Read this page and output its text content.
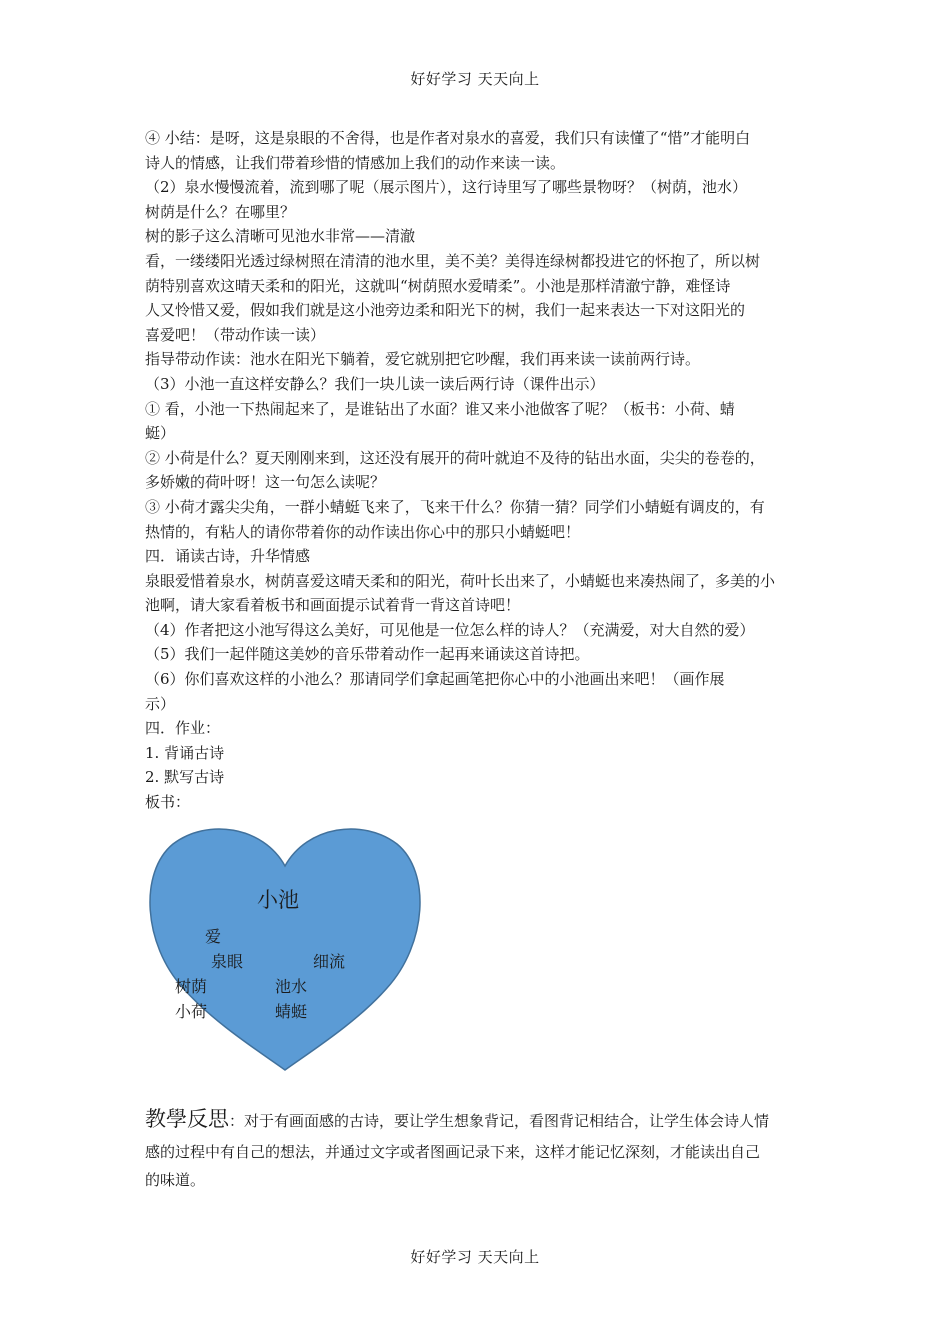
好好学习 天天向上

④ 小结：是呀，这是泉眼的不舍得，也是作者对泉水的喜爱，我们只有读懂了“惜”才能明白

诗人的情感，让我们带着珍惜的情感加上我们的动作来读一读。

（2）泉水慢慢流着，流到哪了呢（展示图片），这行诗里写了哪些景物呀？（树荫，池水）

树荫是什么？在哪里？

树的影子这么清晰可见池水非常——清澈

看，一缕缕阳光透过绿树照在清清的池水里，美不美？美得连绿树都投进它的怀抱了，所以树

荫特别喜欢这晴天柔和的阳光，这就叫“树荫照水爱晴柔”。小池是那样清澈宁静，难怪诗

人又怜惜又爱，假如我们就是这小池旁边柔和阳光下的树，我们一起来表达一下对这阳光的

喜爱吧！（带动作读一读）

指导带动作读：池水在阳光下躺着，爱它就别把它吵醒，我们再来读一读前两行诗。

（3）小池一直这样安静么？我们一块儿读一读后两行诗（课件出示）

① 看，小池一下热闹起来了，是谁钻出了水面？谁又来小池做客了呢？（板书：小荷、蜻

蜓）

② 小荷是什么？夏天刚刚来到，这还没有展开的荷叶就迫不及待的钻出水面，尖尖的卷卷的，

多娇嫩的荷叶呀！这一句怎么读呢？

③ 小荷才露尖尖角，一群小蜻蜓飞来了，飞来干什么？你猜一猜？同学们小蜻蜓有调皮的，有

热情的，有粘人的请你带着你的动作读出你心中的那只小蜻蜓吧！

四．诵读古诗，升华情感

泉眼爱惜着泉水，树荫喜爱这晴天柔和的阳光，荷叶长出来了，小蜻蜓也来凑热闹了，多美的小

池啊，请大家看着板书和画面提示试着背一背这首诗吧！

（4）作者把这小池写得这么美好，可见他是一位怎么样的诗人？（充满爱，对大自然的爱）

（5）我们一起伴随这美妙的音乐带着动作一起再来诵读这首诗把。

（6）你们喜欢这样的小池么？那请同学们拿起画笔把你心中的小池画出来吧！（画作展

示）

四．作业：

1. 背诵古诗

2. 默写古诗

板书：

小池
爱
泉眼	细流
树荫	池水
小荷	蜻蜓
教學反思：对于有画面感的古诗，要让学生想象背记，看图背记相结合，让学生体会诗人情
感的过程中有自己的想法，并通过文字或者图画记录下来，这样才能记忆深刻，才能读出自己
的味道。
好好学习 天天向上
